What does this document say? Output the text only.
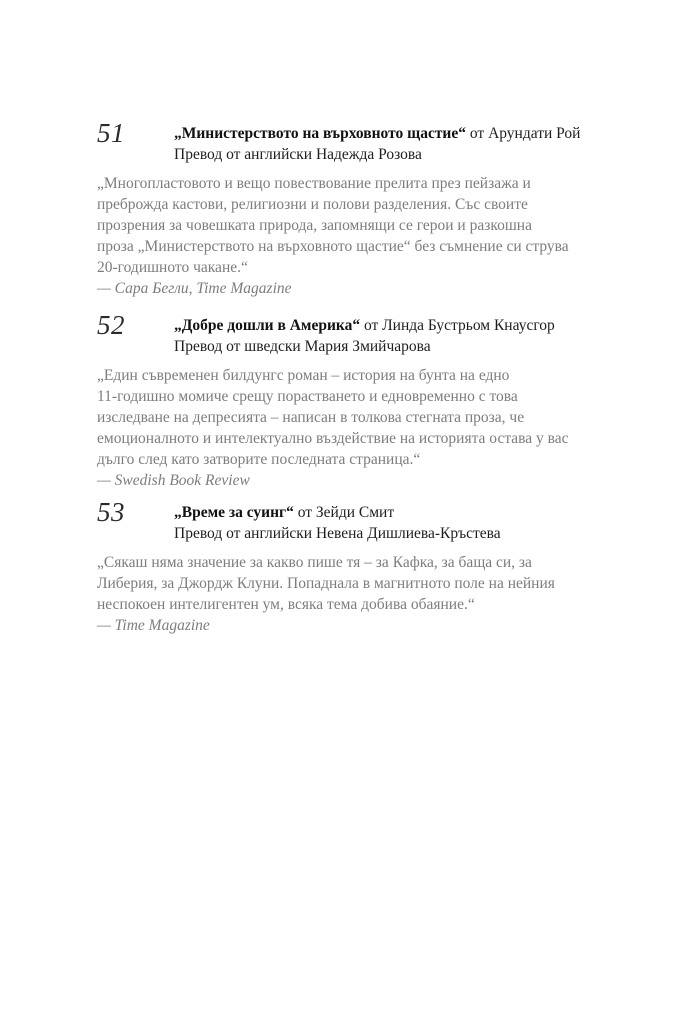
51	„Министерството на върховното щастие“ от Арундати Рой
Превод от английски Надежда Розова
„Многопластовото и вещо повествование прелита през пейзажа и
преброжда кастови, религиозни и полови разделения. Със своите
прозрения за човешката природа, запомнящи се герои и разкошна
проза „Министерството на върховното щастие“ без съмнение си струва
20-годишното чакане.“
— Сара Бегли, Time Magazine
52	„Добре дошли в Америка“ от Линда Бустрьом Кнаусгор
Превод от шведски Мария Змийчарова
„Един съвременен билдунгс роман – история на бунта на едно
11-годишно момиче срещу порастването и едновременно с това
изследване на депресията – написан в толкова стегната проза, че
емоционалното и интелектуално въздействие на историята остава у вас
дълго след като затворите последната страница.“
— Swedish Book Review
53	„Време за суинг“ от Зейди Смит
Превод от английски Невена Дишлиева-Кръстева
„Сякаш няма значение за какво пише тя – за Кафка, за баща си, за
Либерия, за Джордж Клуни. Попаднала в магнитното поле на нейния
неспокоен интелигентен ум, всяка тема добива обаяние.“
— Time Magazine
